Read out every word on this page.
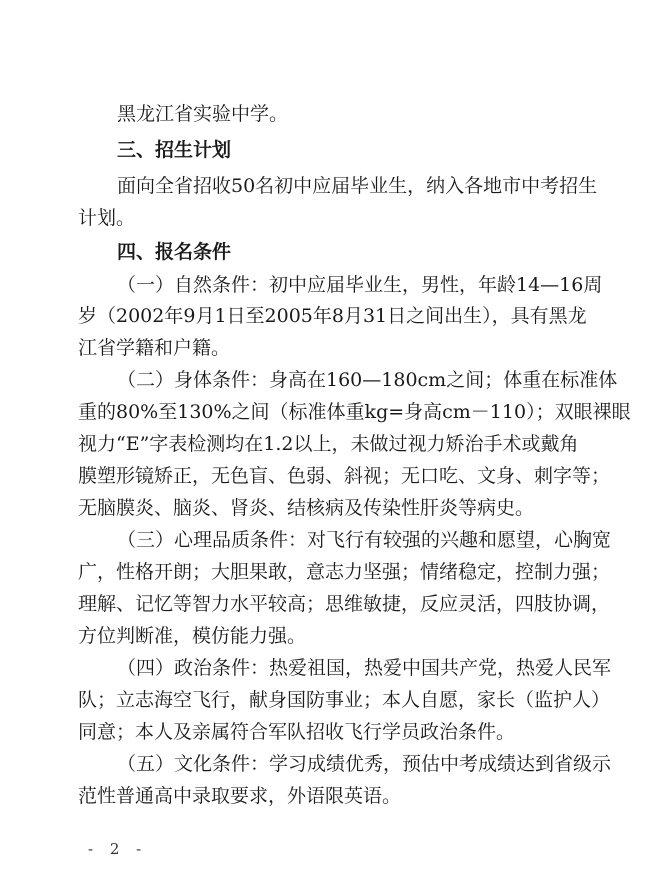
黑龙江省实验中学。
三、招生计划
面向全省招收50名初中应届毕业生，纳入各地市中考招生
计划。
四、报名条件
（一）自然条件：初中应届毕业生，男性，年龄14—16周
岁（2002年9月1日至2005年8月31日之间出生），具有黑龙
江省学籍和户籍。
（二）身体条件：身高在160—180cm之间；体重在标准体
重的80%至130%之间（标准体重kg=身高cm－110）；双眼裸眼
视力“E”字表检测均在1.2以上，未做过视力矫治手术或戴角
膜塑形镜矫正，无色盲、色弱、斜视；无口吃、文身、刺字等；
无脑膜炎、脑炎、肾炎、结核病及传染性肝炎等病史。
（三）心理品质条件：对飞行有较强的兴趣和愿望，心胸宽
广，性格开朗；大胆果敢，意志力坚强；情绪稳定，控制力强；
理解、记忆等智力水平较高；思维敏捷，反应灵活，四肢协调，
方位判断准，模仿能力强。
（四）政治条件：热爱祖国，热爱中国共产党，热爱人民军
队；立志海空飞行，献身国防事业；本人自愿，家长（监护人）
同意；本人及亲属符合军队招收飞行学员政治条件。
（五）文化条件：学习成绩优秀，预估中考成绩达到省级示
范性普通高中录取要求，外语限英语。
- 2 -
